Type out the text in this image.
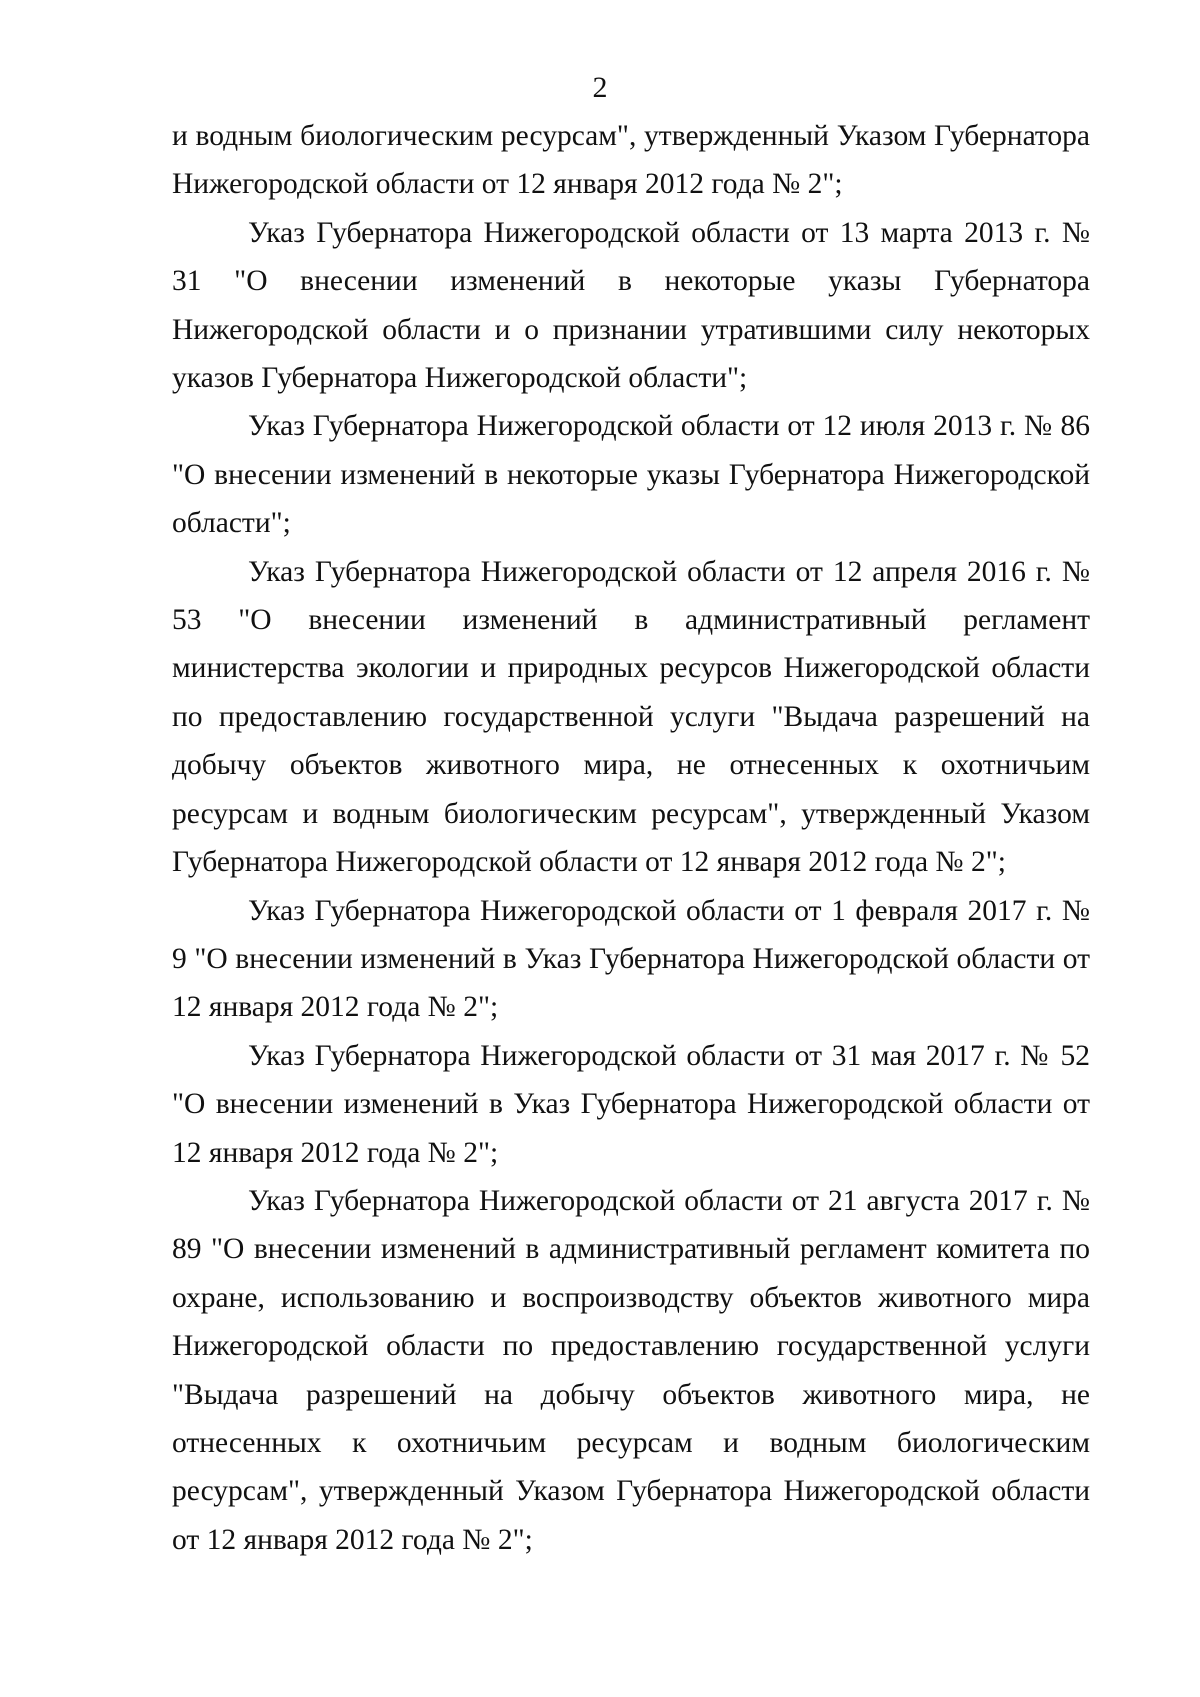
2

и водным биологическим ресурсам", утвержденный Указом Губернатора Нижегородской области от 12 января 2012 года № 2";

Указ Губернатора Нижегородской области от 13 марта 2013 г. № 31 "О внесении изменений в некоторые указы Губернатора Нижегородской области и о признании утратившими силу некоторых указов Губернатора Нижегородской области";

Указ Губернатора Нижегородской области от 12 июля 2013 г. № 86 "О внесении изменений в некоторые указы Губернатора Нижегородской области";

Указ Губернатора Нижегородской области от 12 апреля 2016 г. № 53 "О внесении изменений в административный регламент министерства экологии и природных ресурсов Нижегородской области по предоставлению государственной услуги "Выдача разрешений на добычу объектов животного мира, не отнесенных к охотничьим ресурсам и водным биологическим ресурсам", утвержденный Указом Губернатора Нижегородской области от 12 января 2012 года № 2";

Указ Губернатора Нижегородской области от 1 февраля 2017 г. № 9 "О внесении изменений в Указ Губернатора Нижегородской области от 12 января 2012 года № 2";

Указ Губернатора Нижегородской области от 31 мая 2017 г. № 52 "О внесении изменений в Указ Губернатора Нижегородской области от 12 января 2012 года № 2";

Указ Губернатора Нижегородской области от 21 августа 2017 г. № 89 "О внесении изменений в административный регламент комитета по охране, использованию и воспроизводству объектов животного мира Нижегородской области по предоставлению государственной услуги "Выдача разрешений на добычу объектов животного мира, не отнесенных к охотничьим ресурсам и водным биологическим ресурсам", утвержденный Указом Губернатора Нижегородской области от 12 января 2012 года № 2";
